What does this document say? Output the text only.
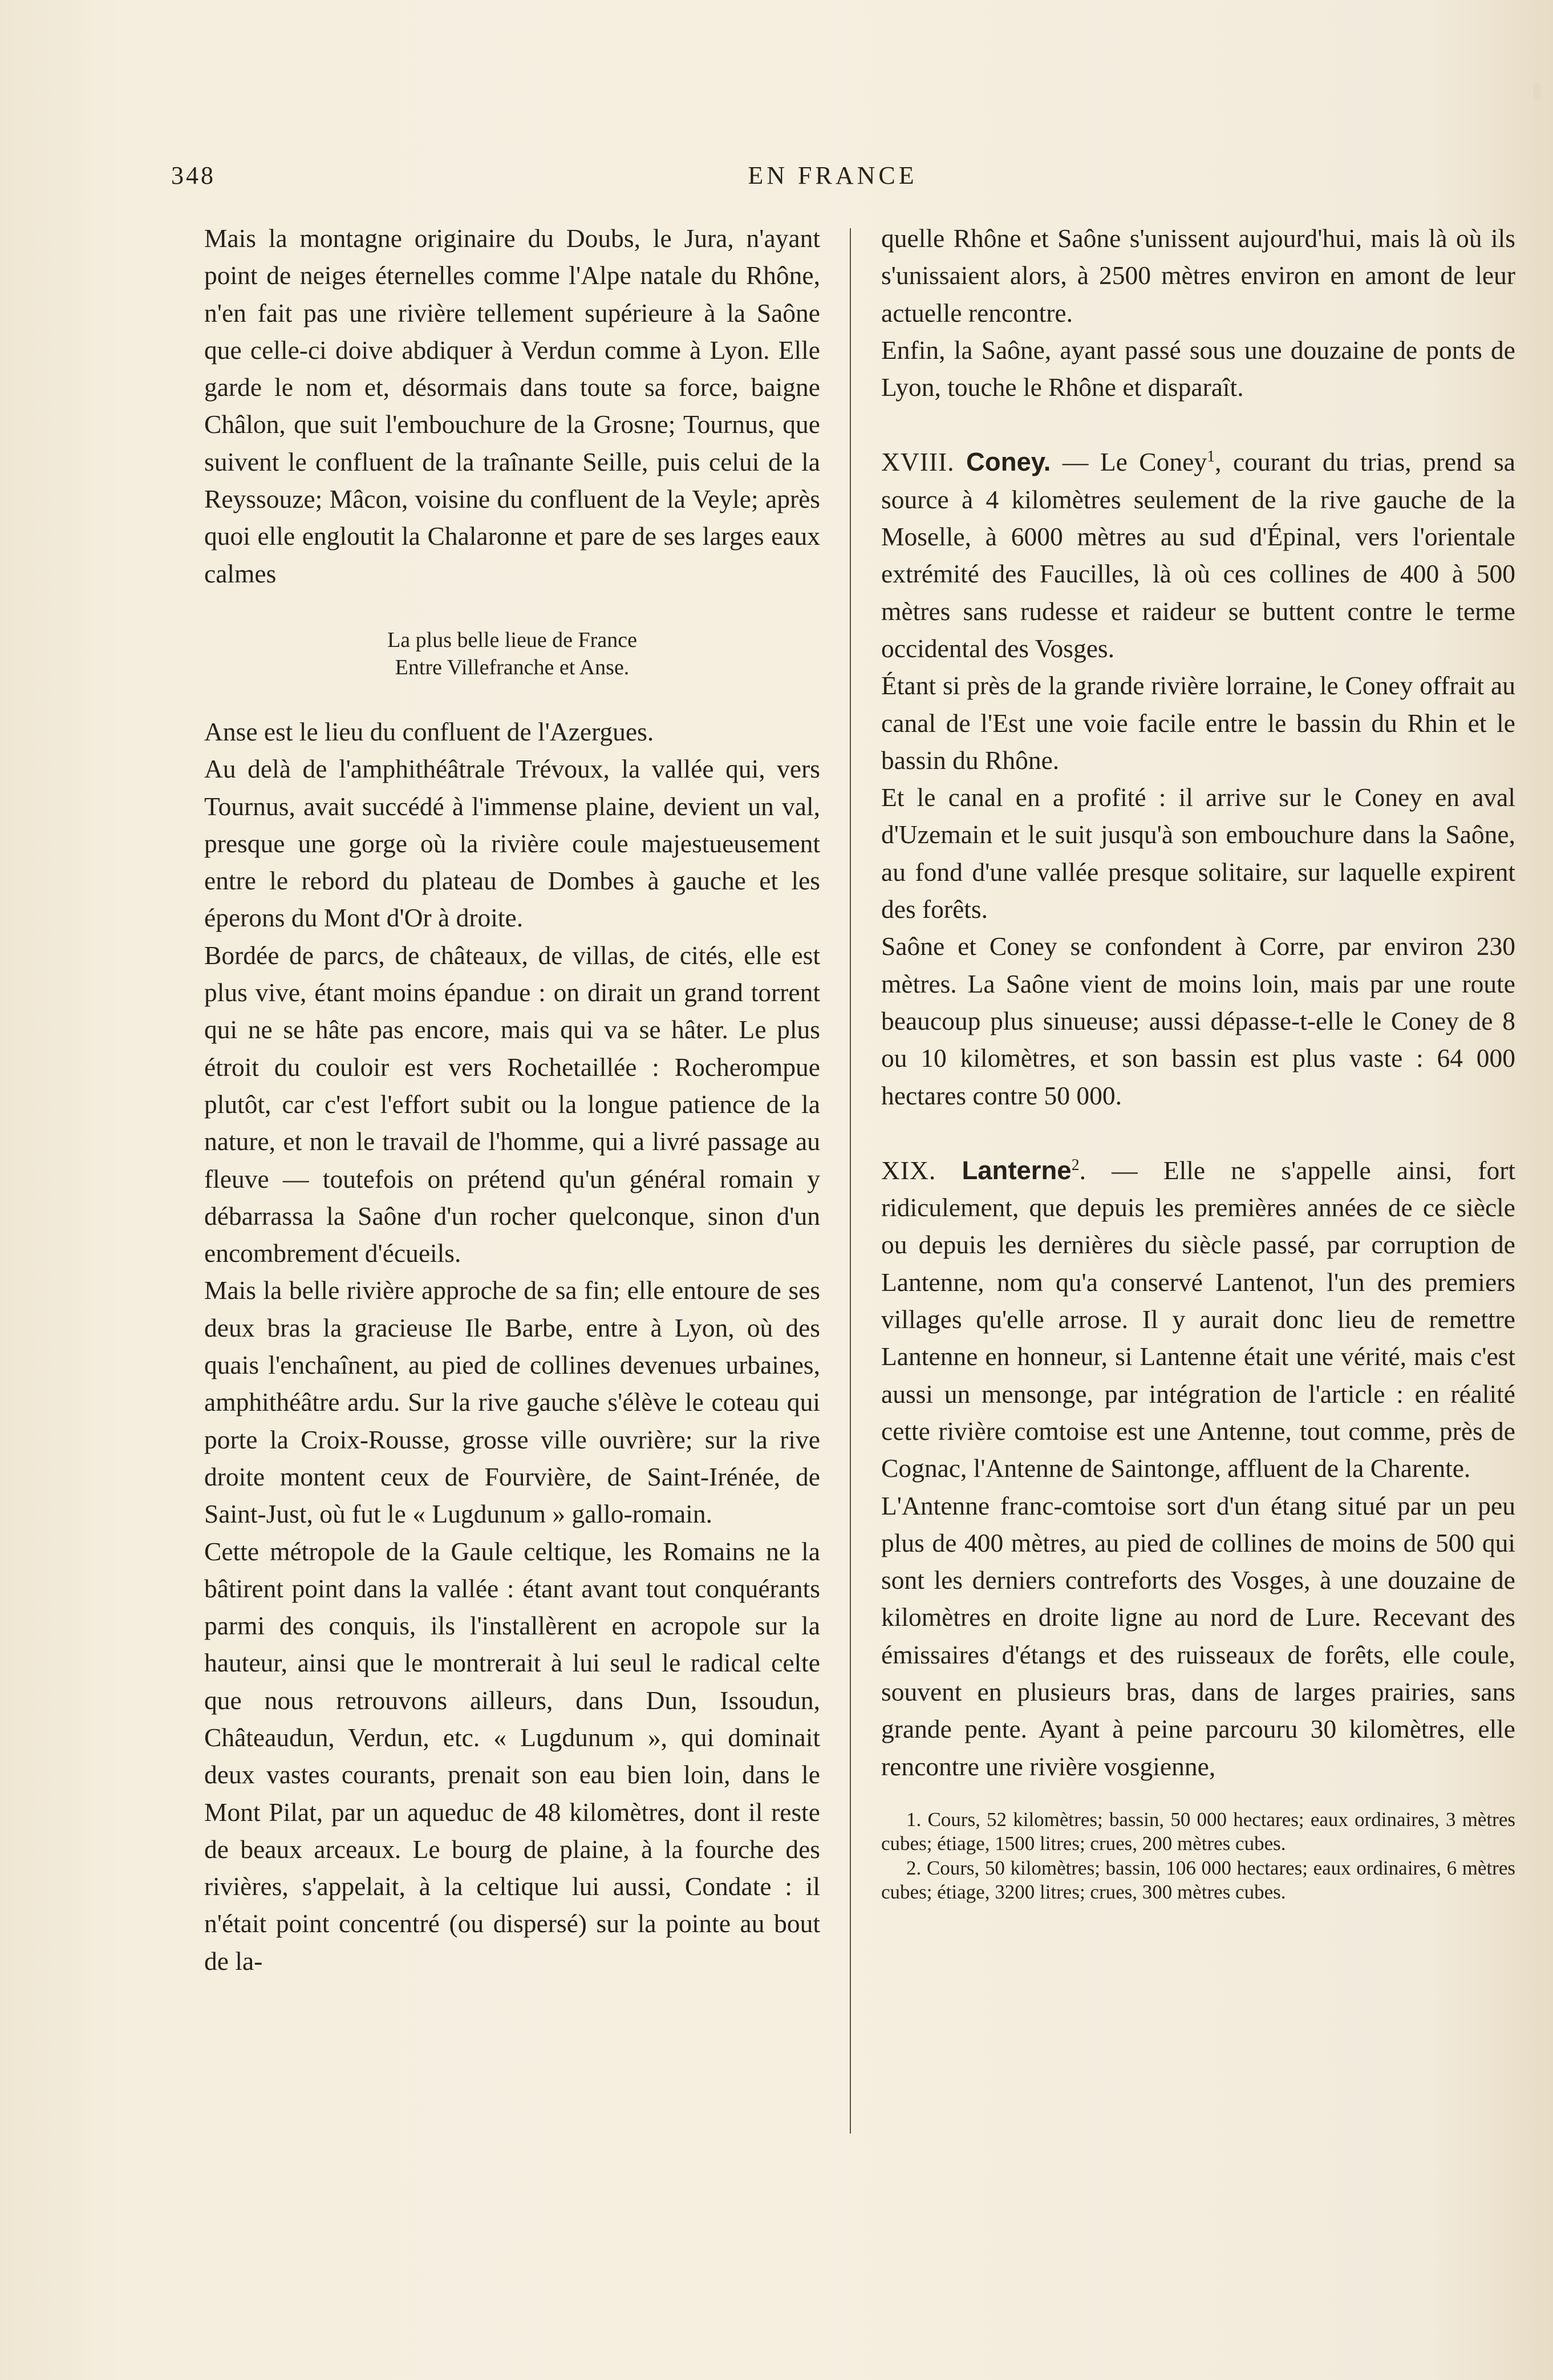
348	EN FRANCE

Mais la montagne originaire du Doubs, le Jura, n'ayant point de neiges éternelles comme l'Alpe natale du Rhône, n'en fait pas une rivière tellement supérieure à la Saône que celle-ci doive abdiquer à Verdun comme à Lyon. Elle garde le nom et, désormais dans toute sa force, baigne Châlon, que suit l'embouchure de la Grosne; Tournus, que suivent le confluent de la traînante Seille, puis celui de la Reyssouze; Mâcon, voisine du confluent de la Veyle; après quoi elle engloutit la Chalaronne et pare de ses larges eaux calmes

La plus belle lieue de France
Entre Villefranche et Anse.

Anse est le lieu du confluent de l'Azergues.

Au delà de l'amphithéâtrale Trévoux, la vallée qui, vers Tournus, avait succédé à l'immense plaine, devient un val, presque une gorge où la rivière coule majestueusement entre le rebord du plateau de Dombes à gauche et les éperons du Mont d'Or à droite.

Bordée de parcs, de châteaux, de villas, de cités, elle est plus vive, étant moins épandue : on dirait un grand torrent qui ne se hâte pas encore, mais qui va se hâter. Le plus étroit du couloir est vers Rochetaillée : Rocherompue plutôt, car c'est l'effort subit ou la longue patience de la nature, et non le travail de l'homme, qui a livré passage au fleuve — toutefois on prétend qu'un général romain y débarrassa la Saône d'un rocher quelconque, sinon d'un encombrement d'écueils.

Mais la belle rivière approche de sa fin; elle entoure de ses deux bras la gracieuse Ile Barbe, entre à Lyon, où des quais l'enchaînent, au pied de collines devenues urbaines, amphithéâtre ardu. Sur la rive gauche s'élève le coteau qui porte la Croix-Rousse, grosse ville ouvrière; sur la rive droite montent ceux de Fourvière, de Saint-Irénée, de Saint-Just, où fut le « Lugdunum » gallo-romain.

Cette métropole de la Gaule celtique, les Romains ne la bâtirent point dans la vallée : étant avant tout conquérants parmi des conquis, ils l'installèrent en acropole sur la hauteur, ainsi que le montrerait à lui seul le radical celte que nous retrouvons ailleurs, dans Dun, Issoudun, Châteaudun, Verdun, etc. « Lugdunum », qui dominait deux vastes courants, prenait son eau bien loin, dans le Mont Pilat, par un aqueduc de 48 kilomètres, dont il reste de beaux arceaux. Le bourg de plaine, à la fourche des rivières, s'appelait, à la celtique lui aussi, Condate : il n'était point concentré (ou dispersé) sur la pointe au bout de la-

quelle Rhône et Saône s'unissent aujourd'hui, mais là où ils s'unissaient alors, à 2500 mètres environ en amont de leur actuelle rencontre.

Enfin, la Saône, ayant passé sous une douzaine de ponts de Lyon, touche le Rhône et disparaît.

XVIII. Coney. — Le Coney$^1$, courant du trias, prend sa source à 4 kilomètres seulement de la rive gauche de la Moselle, à 6000 mètres au sud d'Épinal, vers l'orientale extrémité des Faucilles, là où ces collines de 400 à 500 mètres sans rudesse et raideur se buttent contre le terme occidental des Vosges.

Étant si près de la grande rivière lorraine, le Coney offrait au canal de l'Est une voie facile entre le bassin du Rhin et le bassin du Rhône.

Et le canal en a profité : il arrive sur le Coney en aval d'Uzemain et le suit jusqu'à son embouchure dans la Saône, au fond d'une vallée presque solitaire, sur laquelle expirent des forêts.

Saône et Coney se confondent à Corre, par environ 230 mètres. La Saône vient de moins loin, mais par une route beaucoup plus sinueuse; aussi dépasse-t-elle le Coney de 8 ou 10 kilomètres, et son bassin est plus vaste : 64 000 hectares contre 50 000.

XIX. Lanterne$^2$. — Elle ne s'appelle ainsi, fort ridiculement, que depuis les premières années de ce siècle ou depuis les dernières du siècle passé, par corruption de Lantenne, nom qu'a conservé Lantenot, l'un des premiers villages qu'elle arrose. Il y aurait donc lieu de remettre Lantenne en honneur, si Lantenne était une vérité, mais c'est aussi un mensonge, par intégration de l'article : en réalité cette rivière comtoise est une Antenne, tout comme, près de Cognac, l'Antenne de Saintonge, affluent de la Charente.

L'Antenne franc-comtoise sort d'un étang situé par un peu plus de 400 mètres, au pied de collines de moins de 500 qui sont les derniers contreforts des Vosges, à une douzaine de kilomètres en droite ligne au nord de Lure. Recevant des émissaires d'étangs et des ruisseaux de forêts, elle coule, souvent en plusieurs bras, dans de larges prairies, sans grande pente. Ayant à peine parcouru 30 kilomètres, elle rencontre une rivière vosgienne,

1. Cours, 52 kilomètres; bassin, 50 000 hectares; eaux ordinaires, 3 mètres cubes; étiage, 1500 litres; crues, 200 mètres cubes.
2. Cours, 50 kilomètres; bassin, 106 000 hectares; eaux ordinaires, 6 mètres cubes; étiage, 3200 litres; crues, 300 mètres cubes.
